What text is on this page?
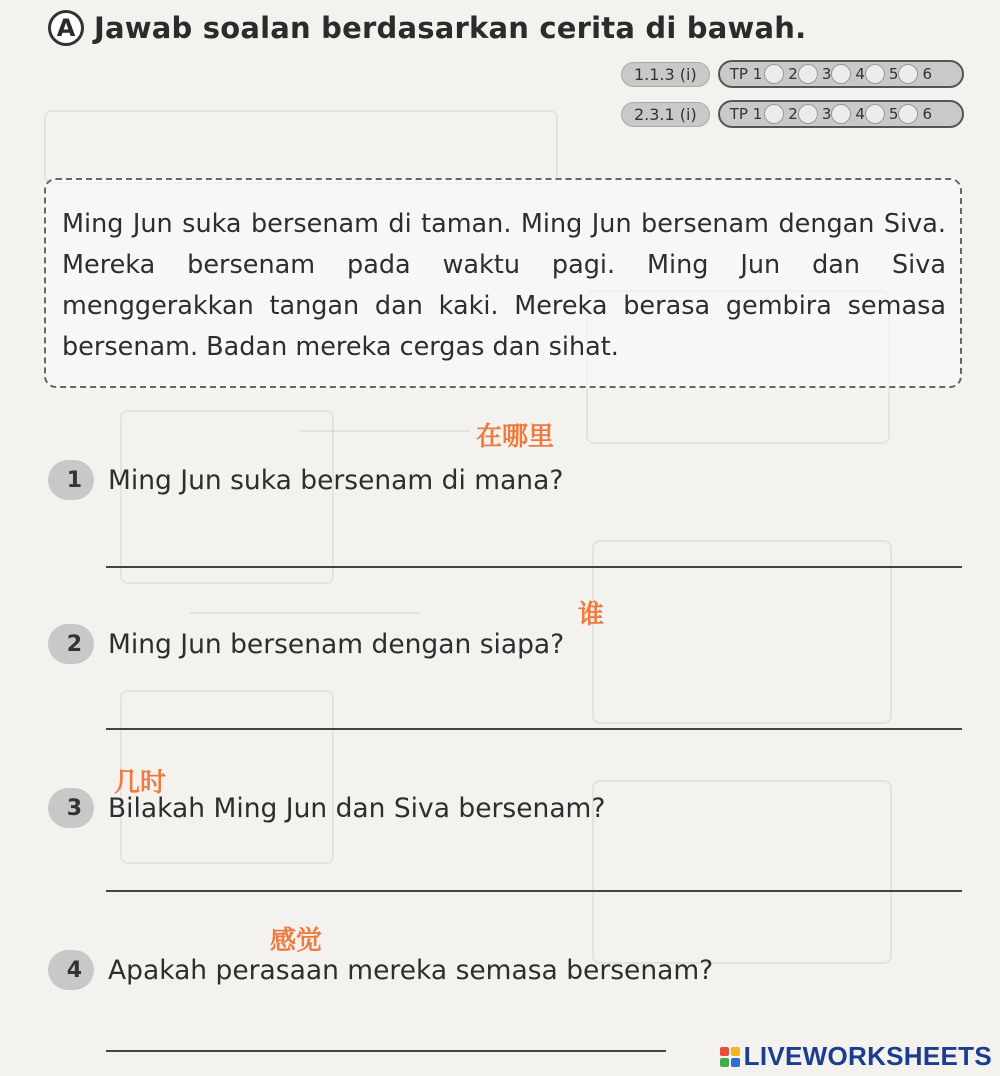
A Jawab soalan berdasarkan cerita di bawah.
1.1.3 (i)	TP
1	2	3	4	5	6
2.3.1 (i)	TP
1	2	3	4	5	6

Ming Jun suka bersenam di taman. Ming Jun bersenam dengan Siva. Mereka bersenam pada waktu pagi. Ming Jun dan Siva menggerakkan tangan dan kaki. Mereka berasa gembira semasa bersenam. Badan mereka cergas dan sihat.

在哪里
谁
几时
感觉
1 Ming Jun suka bersenam di mana?
2 Ming Jun bersenam dengan siapa?
3 Bilakah Ming Jun dan Siva bersenam?
4 Apakah perasaan mereka semasa bersenam?
LIVEWORKSHEETS
